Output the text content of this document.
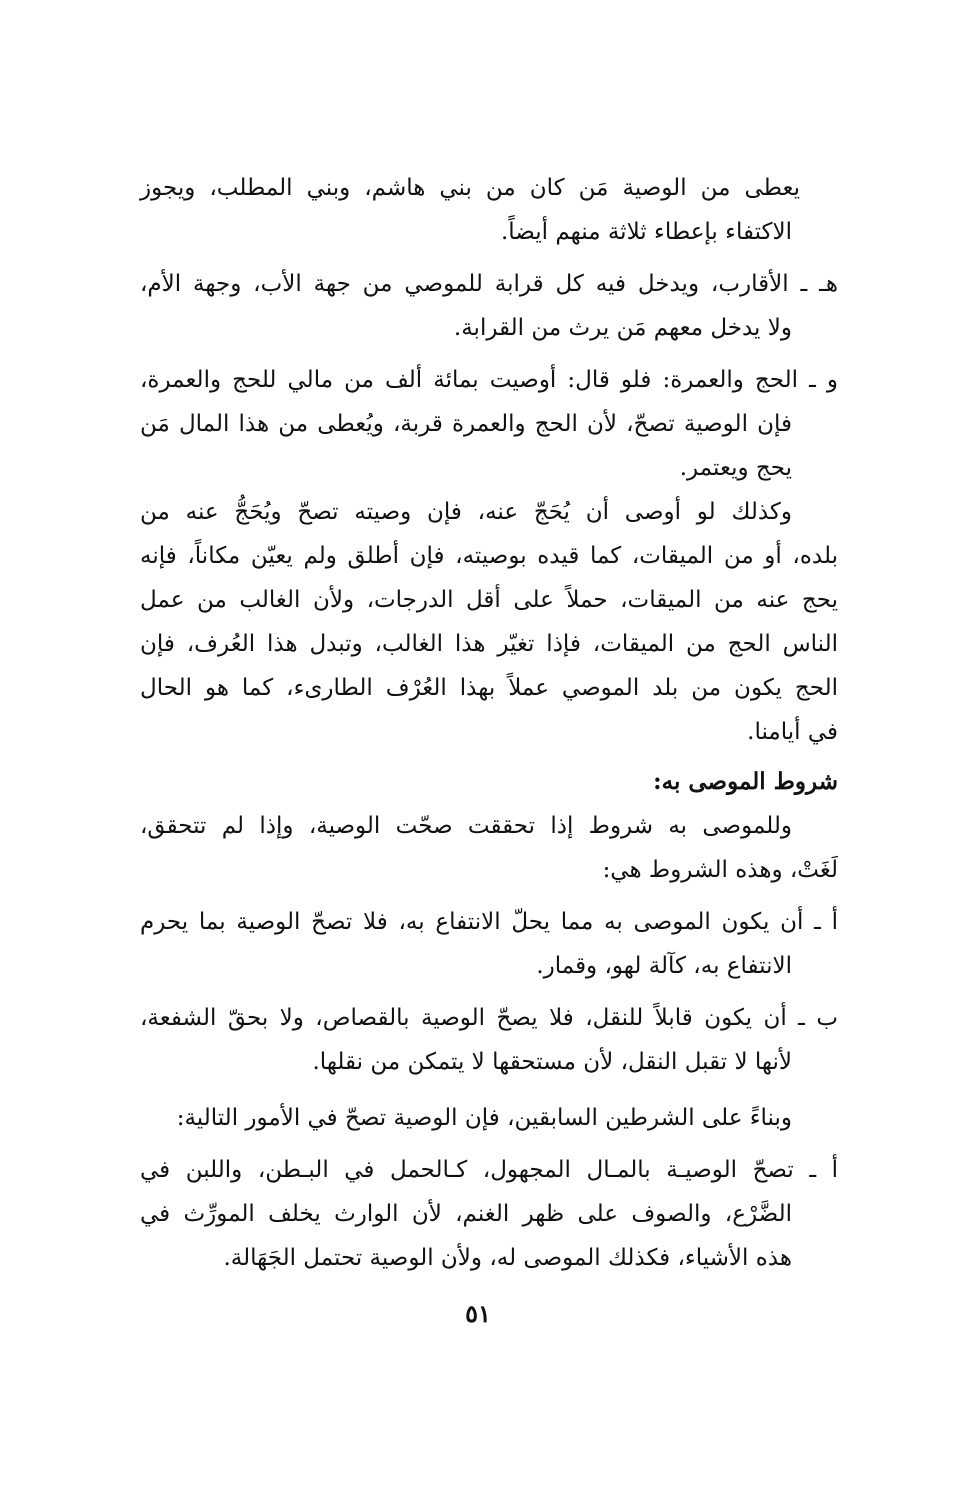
يعطى من الوصية مَن كان من بني هاشم، وبني المطلب، ويجوز
الاكتفاء بإعطاء ثلاثة منهم أيضاً.
هـ ـ الأقارب، ويدخل فيه كل قرابة للموصي من جهة الأب، وجهة الأم،
ولا يدخل معهم مَن يرث من القرابة.
و ـ الحج والعمرة: فلو قال: أوصيت بمائة ألف من مالي للحج والعمرة،
فإن الوصية تصحّ، لأن الحج والعمرة قربة، ويُعطى من هذا المال مَن
يحج ويعتمر.
وكذلك لو أوصى أن يُحَجّ عنه، فإن وصيته تصحّ ويُحَجُّ عنه من
بلده، أو من الميقات، كما قيده بوصيته، فإن أطلق ولم يعيّن مكاناً، فإنه
يحج عنه من الميقات، حملاً على أقل الدرجات، ولأن الغالب من عمل
الناس الحج من الميقات، فإذا تغيّر هذا الغالب، وتبدل هذا العُرف، فإن
الحج يكون من بلد الموصي عملاً بهذا العُرْف الطارىء، كما هو الحال
في أيامنا.
شروط الموصى به:
وللموصى به شروط إذا تحققت صحّت الوصية، وإذا لم تتحقق،
لَغَتْ، وهذه الشروط هي:
أ ـ أن يكون الموصى به مما يحلّ الانتفاع به، فلا تصحّ الوصية بما يحرم
الانتفاع به، كآلة لهو، وقمار.
ب ـ أن يكون قابلاً للنقل، فلا يصحّ الوصية بالقصاص، ولا بحقّ الشفعة،
لأنها لا تقبل النقل، لأن مستحقها لا يتمكن من نقلها.
وبناءً على الشرطين السابقين، فإن الوصية تصحّ في الأمور التالية:
أ ـ تصحّ الوصيـة بالمـال المجهول، كـالحمل في البـطن، واللبن في
الضَّرْع، والصوف على ظهر الغنم، لأن الوارث يخلف المورِّث في
هذه الأشياء، فكذلك الموصى له، ولأن الوصية تحتمل الجَهَالة.
٥١
